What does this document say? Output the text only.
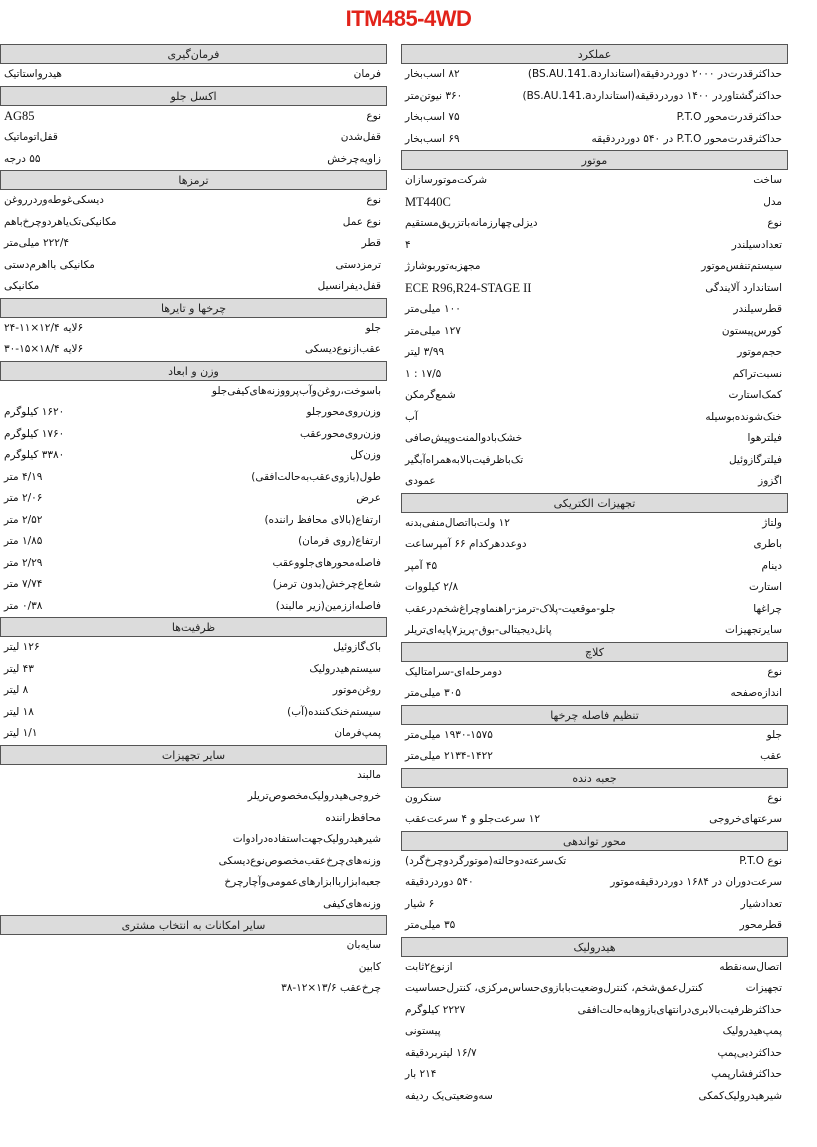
ITM485-4WD
عملکرد
حداکثرقدرت‌در ۲۰۰۰ دوردردقیقه(استاندارد‌BS.AU.141.a)
۸۲ اسب‌بخار
حداکثرگشتاوردر ۱۴۰۰ دوردردقیقه(استاندارد‌BS.AU.141.a)
۳۶۰ نیوتن‌متر
حداکثرقدرت‌محور P.T.O
۷۵ اسب‌بخار
حداکثرقدرت‌محور P.T.O در ۵۴۰ دوردردقیقه
۶۹ اسب‌بخار
موتور
ساخت
شرکت‌موتورسازان
مدل
MT440C
نوع
دیزلی‌چهارزمانه‌باتزریق‌مستقیم
تعدادسیلندر
۴
سیستم‌تنفس‌موتور
مجهزبه‌توربوشارژ
استاندارد آلایندگی
ECE R96,R24-STAGE II
قطرسیلندر
۱۰۰ میلی‌متر
کورس‌پیستون
۱۲۷ میلی‌متر
حجم‌موتور
۳/۹۹ لیتر
نسبت‌تراکم
۱۷/۵ : ۱
کمک‌استارت
شمع‌گرمکن
خنک‌شونده‌بوسیله
آب
فیلترهوا
خشک‌بادوالمنت‌وپیش‌صافی
فیلترگازوئیل
تک‌باظرفیت‌بالابه‌همراه‌آبگیر
اگزوز
عمودی
تجهیزات الکتریکی
ولتاژ
۱۲ ولت‌بااتصال‌منفی‌بدنه
باطری
دوعددهرکدام ۶۶ آمپرساعت
دینام
۴۵ آمپر
استارت
۲/۸ کیلووات
چراغها
جلو-موقعیت-پلاک-ترمز-راهنماوچراغ‌شخم‌درعقب
سایرتجهیزات
پانل‌دیجیتالی-بوق-پریز۷پایه‌ای‌تریلر
کلاچ
نوع
دومرحله‌ای-سرامتالیک
اندازه‌صفحه
۳۰۵ میلی‌متر
تنظیم فاصله چرخها
جلو
۱۹۳۰-۱۵۷۵ میلی‌متر
عقب
۲۱۳۴-۱۴۲۲ میلی‌متر
جعبه دنده
نوع
سنکرون
سرعتهای‌خروجی
۱۲ سرعت‌جلو و ۴ سرعت‌عقب
محور تواندهی
نوع P.T.O
تک‌سرعته‌دوحالته(موتورگردوچرخ‌گرد)
سرعت‌دوران در ۱۶۸۴ دوردردقیقه‌موتور
۵۴۰ دوردردقیقه
تعدادشیار
۶ شیار
قطرمحور
۳۵ میلی‌متر
هیدرولیک
اتصال‌سه‌نقطه
ازنوع۲ثابت
تجهیزات
کنترل‌عمق‌شخم، کنترل‌وضعیت‌بابازوی‌حساس‌مرکزی، کنترل‌حساسیت
حداکثرظرفیت‌بالابری‌درانتهای‌بازوهابه‌حالت‌افقی
۲۲۲۷ کیلوگرم
پمپ‌هیدرولیک
پیستونی
حداکثردبی‌پمپ
۱۶/۷ لیتربردقیقه
حداکثرفشارپمپ
۲۱۴ بار
شیرهیدرولیک‌کمکی
سه‌وضعیتی‌یک ردیفه
فرمان‌گیری
فرمان
هیدرواستاتیک
اکسل جلو
نوع
AG85
قفل‌شدن
قفل‌اتوماتیک
زاویه‌چرخش
۵۵ درجه
ترمزها
نوع
دیسکی‌غوطه‌وردرروغن
نوع عمل
مکانیکی‌تک‌یاهردوچرخ‌باهم
قطر
۲۲۲/۴ میلی‌متر
ترمزدستی
مکانیکی بااهرم‌دستی
قفل‌دیفرانسیل
مکانیکی
چرخها و تایرها
جلو
۶لایه ۱۲/۴×۱۱-۲۴
عقب‌ازنوع‌دیسکی
۶لایه ۱۸/۴×۱۵-۳۰
وزن و ابعاد
باسوخت،روغن‌وآب‌پرووزنه‌های‌کیفی‌جلو
وزن‌روی‌محورجلو
۱۶۲۰ کیلوگرم
وزن‌روی‌محورعقب
۱۷۶۰ کیلوگرم
وزن‌کل
۳۳۸۰ کیلوگرم
طول(بازوی‌عقب‌به‌حالت‌افقی)
۴/۱۹ متر
عرض
۲/۰۶ متر
ارتفاع(بالای محافظ راننده)
۲/۵۲ متر
ارتفاع(روی فرمان)
۱/۸۵ متر
فاصله‌محورهای‌جلووعقب
۲/۲۹ متر
شعاع‌چرخش(بدون ترمز)
۷/۷۴ متر
فاصله‌اززمین(زیر مالبند)
۰/۳۸ متر
ظرفیت‌ها
باک‌گازوئیل
۱۲۶ لیتر
سیستم‌هیدرولیک
۴۳ لیتر
روغن‌موتور
۸ لیتر
سیستم‌خنک‌کننده(آب)
۱۸ لیتر
پمپ‌فرمان
۱/۱ لیتر
سایر تجهیزات
مالبند
خروجی‌هیدرولیک‌مخصوص‌تریلر
محافظ‌راننده
شیرهیدرولیک‌جهت‌استفاده‌درادوات
وزنه‌های‌چرخ‌عقب‌مخصوص‌نوع‌دیسکی
جعبه‌ابزارباابزارهای‌عمومی‌وآچارچرخ
وزنه‌های‌کیفی
سایر امکانات به انتخاب مشتری
سایه‌بان
کابین
چرخ‌عقب ۱۳/۶×۱۲-۳۸
